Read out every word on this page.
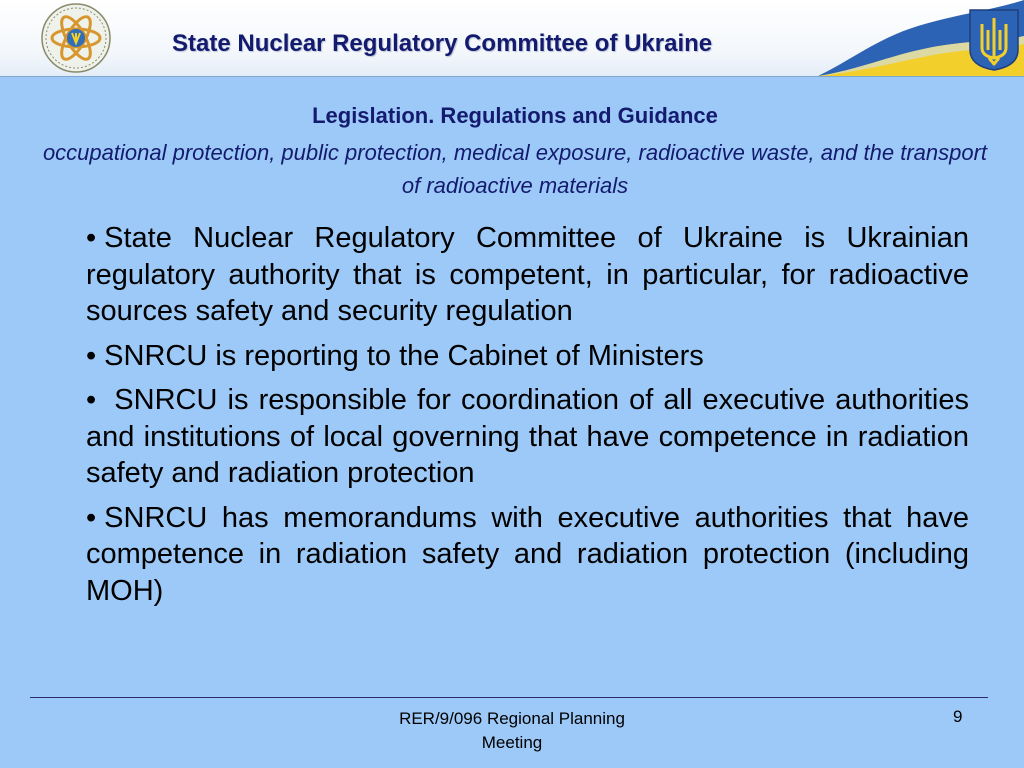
State Nuclear Regulatory Committee of Ukraine
Legislation. Regulations and Guidance
occupational protection, public protection, medical exposure, radioactive waste, and the transport of radioactive materials
• State Nuclear Regulatory Committee of Ukraine is Ukrainian regulatory authority that is competent, in particular, for radioactive sources safety and security regulation
• SNRCU is reporting to the Cabinet of Ministers
• SNRCU is responsible for coordination of all executive authorities and institutions of local governing that have competence in radiation safety and radiation protection
• SNRCU has memorandums with executive authorities that have competence in radiation safety and radiation protection (including MOH)
RER/9/096 Regional Planning Meeting
9
